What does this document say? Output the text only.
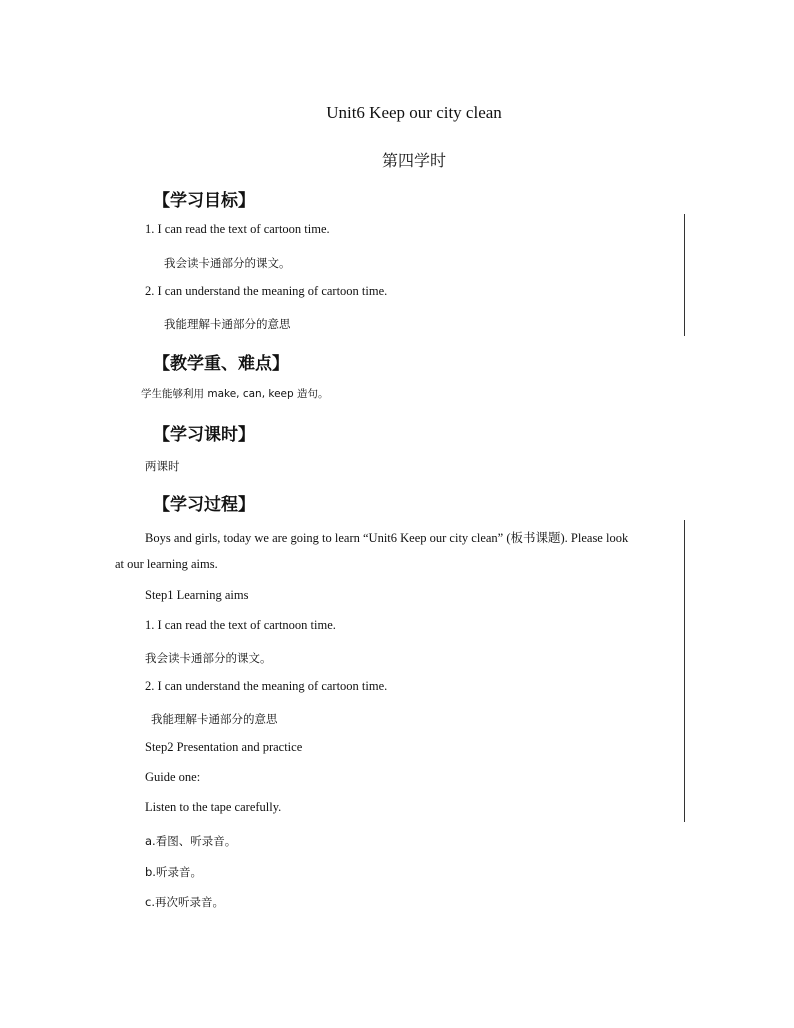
Unit6 Keep our city clean
第四学时
【学习目标】
1. I can read the text of cartoon time.
我会读卡通部分的课文。
2. I can understand the meaning of cartoon time.
我能理解卡通部分的意思
【教学重、难点】
学生能够利用 make, can, keep 造句。
【学习课时】
两课时
【学习过程】
Boys and girls, today we are going to learn “Unit6 Keep our city clean” (板书课题). Please look
at our learning aims.
Step1 Learning aims
1. I can read the text of cartnoon time.
我会读卡通部分的课文。
2. I can understand the meaning of cartoon time.
我能理解卡通部分的意思
Step2 Presentation and practice
Guide one:
Listen to the tape carefully.
a.看图、听录音。
b.听录音。
c.再次听录音。
